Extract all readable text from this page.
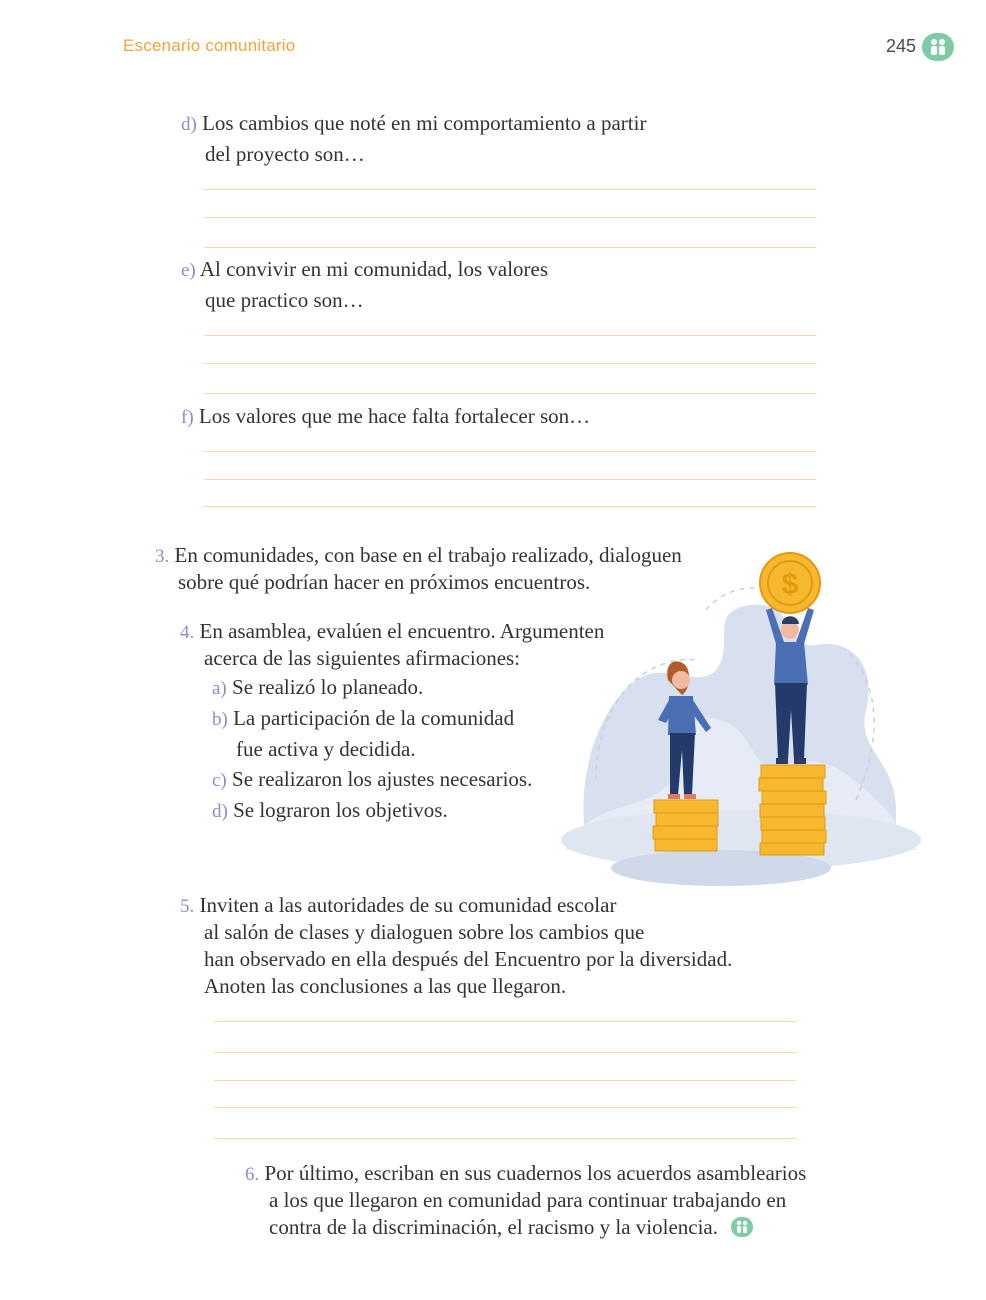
Escenario comunitario	245
d) Los cambios que noté en mi comportamiento a partir
del proyecto son…
e) Al convivir en mi comunidad, los valores
que practico son…
f) Los valores que me hace falta fortalecer son…
$
3. En comunidades, con base en el trabajo realizado, dialoguen
sobre qué podrían hacer en próximos encuentros.
4. En asamblea, evalúen el encuentro. Argumenten
acerca de las siguientes afirmaciones:
a) Se realizó lo planeado.
b) La participación de la comunidad
fue activa y decidida.
c) Se realizaron los ajustes necesarios.
d) Se lograron los objetivos.
5. Inviten a las autoridades de su comunidad escolar
al salón de clases y dialoguen sobre los cambios que
han observado en ella después del Encuentro por la diversidad.
Anoten las conclusiones a las que llegaron.
6. Por último, escriban en sus cuadernos los acuerdos asamblearios
a los que llegaron en comunidad para continuar trabajando en
contra de la discriminación, el racismo y la violencia.
